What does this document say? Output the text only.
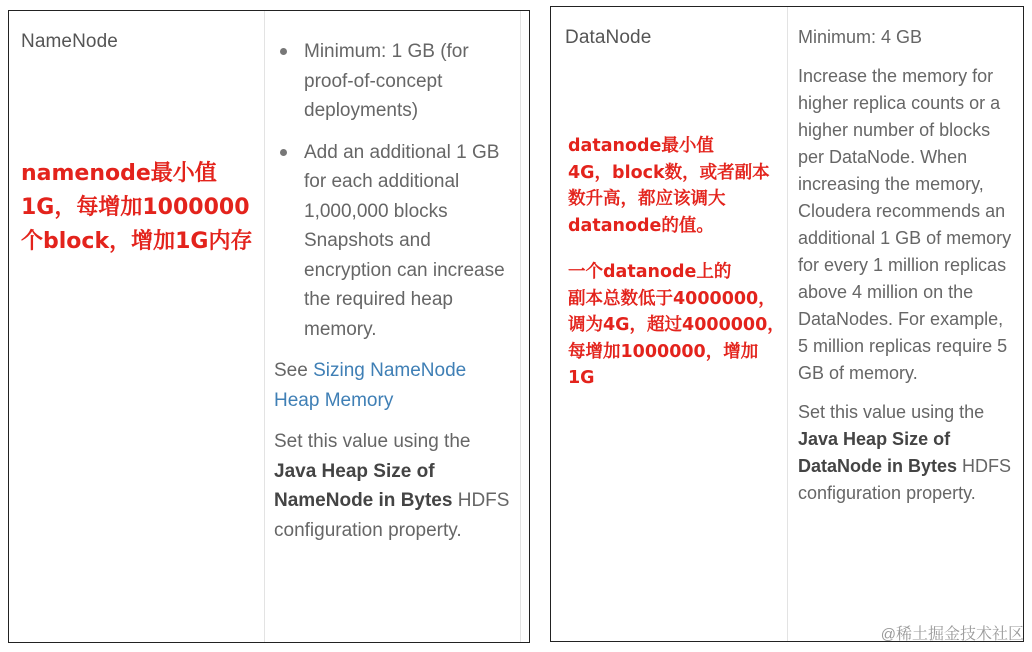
NameNode	Minimum: 1 GB (for proof-of-concept deployments)
Add an additional 1 GB for each additional 1,000,000 blocks Snapshots and encryption can increase the required heap memory.

See Sizing NameNode Heap Memory

Set this value using the Java Heap Size of NameNode in Bytes HDFS configuration property.

namenode最小值
1G，每增加1000000
个block，增加1G内存
DataNode	Minimum: 4 GB

Increase the memory for higher replica counts or a higher number of blocks per DataNode. When increasing the memory, Cloudera recommends an additional 1 GB of memory for every 1 million replicas above 4 million on the DataNodes. For example, 5 million replicas require 5 GB of memory.

Set this value using the Java Heap Size of DataNode in Bytes HDFS configuration property.

datanode最小值
4G，block数，或者副本
数升高，都应该调大
datanode的值。
一个datanode上的
副本总数低于4000000，
调为4G，超过4000000，
每增加1000000，增加
1G
@稀土掘金技术社区
